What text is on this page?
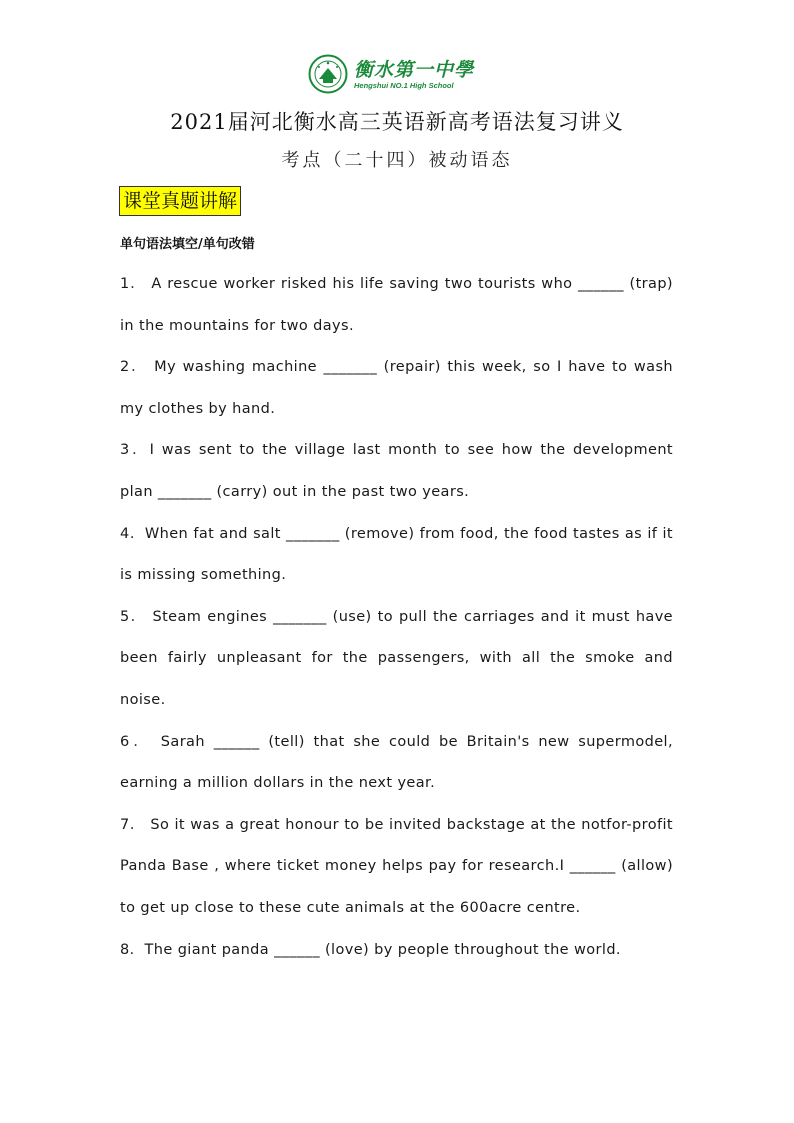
衡水第一中學
Hengshui NO.1 High School
2021届河北衡水高三英语新高考语法复习讲义
考点（二十四）被动语态
课堂真题讲解
单句语法填空/单句改错

1． A rescue worker risked his life saving two tourists who ______ (trap) in the mountains for two days.

2． My washing machine _______ (repair) this week, so I have to wash my clothes by hand.

3．I was sent to the village last month to see how the development plan _______ (carry) out in the past two years.

4．When fat and salt _______ (remove) from food, the food tastes as if it is missing something.

5． Steam engines _______ (use) to pull the carriages and it must have been fairly unpleasant for the passengers, with all the smoke and noise.

6． Sarah ______ (tell) that she could be Britain's new supermodel, earning a million dollars in the next year.

7． So it was a great honour to be invited backstage at the notfor-profit Panda Base , where ticket money helps pay for research.I ______ (allow) to get up close to these cute animals at the 600acre centre.

8．The giant panda ______ (love) by people throughout the world.
